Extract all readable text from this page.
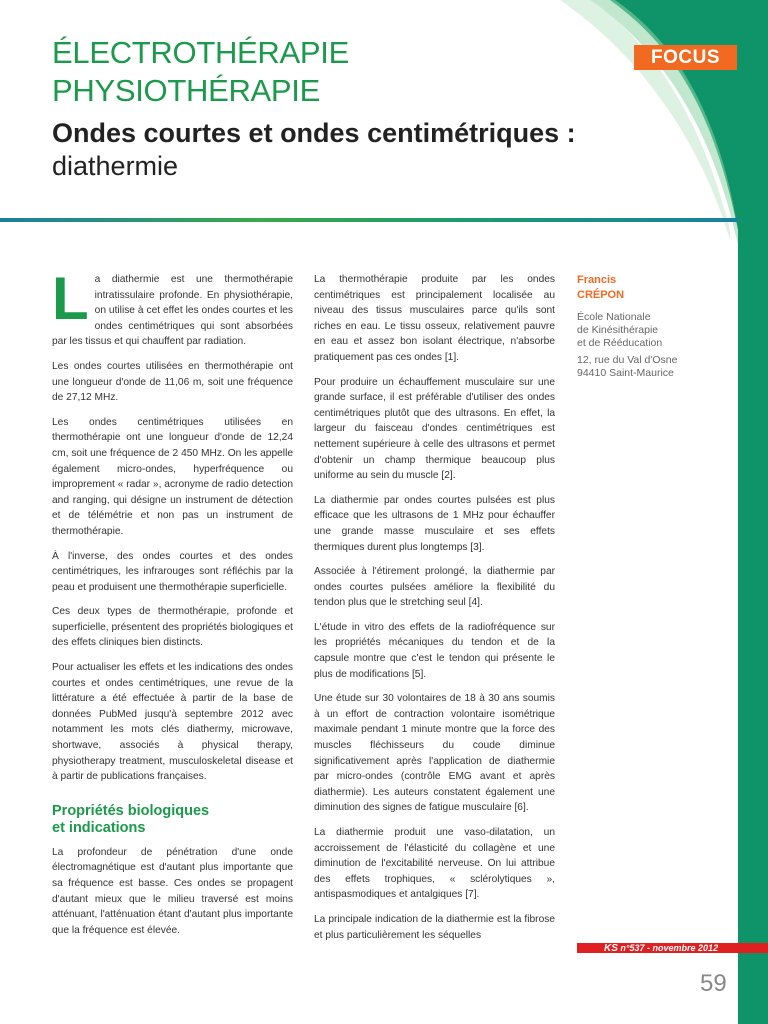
FOCUS
ÉLECTROTHÉRAPIE
PHYSIOTHÉRAPIE
Ondes courtes et ondes centimétriques :
diathermie

L a diathermie est une thermothérapie intratissulaire profonde. En physiothérapie, on utilise à cet effet les ondes courtes et les ondes centimétriques qui sont absorbées par les tissus et qui chauffent par radiation.

Les ondes courtes utilisées en thermothérapie ont une longueur d'onde de 11,06 m, soit une fréquence de 27,12 MHz.

Les ondes centimétriques utilisées en thermothérapie ont une longueur d'onde de 12,24 cm, soit une fréquence de 2 450 MHz. On les appelle également micro-ondes, hyperfréquence ou improprement « radar », acronyme de radio detection and ranging, qui désigne un instrument de détection et de télémétrie et non pas un instrument de thermothérapie.

À l'inverse, des ondes courtes et des ondes centimétriques, les infrarouges sont réfléchis par la peau et produisent une thermothérapie superficielle.

Ces deux types de thermothérapie, profonde et superficielle, présentent des propriétés biologiques et des effets cliniques bien distincts.

Pour actualiser les effets et les indications des ondes courtes et ondes centimétriques, une revue de la littérature a été effectuée à partir de la base de données PubMed jusqu'à septembre 2012 avec notamment les mots clés diathermy, microwave, shortwave, associés à physical therapy, physiotherapy treatment, musculoskeletal disease et à partir de publications françaises.

Propriétés biologiques
et indications

La profondeur de pénétration d'une onde électromagnétique est d'autant plus importante que sa fréquence est basse. Ces ondes se propagent d'autant mieux que le milieu traversé est moins atténuant, l'atténuation étant d'autant plus importante que la fréquence est élevée.

La thermothérapie produite par les ondes centimétriques est principalement localisée au niveau des tissus musculaires parce qu'ils sont riches en eau. Le tissu osseux, relativement pauvre en eau et assez bon isolant électrique, n'absorbe pratiquement pas ces ondes [1].

Pour produire un échauffement musculaire sur une grande surface, il est préférable d'utiliser des ondes centimétriques plutôt que des ultrasons. En effet, la largeur du faisceau d'ondes centimétriques est nettement supérieure à celle des ultrasons et permet d'obtenir un champ thermique beaucoup plus uniforme au sein du muscle [2].

La diathermie par ondes courtes pulsées est plus efficace que les ultrasons de 1 MHz pour échauffer une grande masse musculaire et ses effets thermiques durent plus longtemps [3].

Associée à l'étirement prolongé, la diathermie par ondes courtes pulsées améliore la flexibilité du tendon plus que le stretching seul [4].

L'étude in vitro des effets de la radiofréquence sur les propriétés mécaniques du tendon et de la capsule montre que c'est le tendon qui présente le plus de modifications [5].

Une étude sur 30 volontaires de 18 à 30 ans soumis à un effort de contraction volontaire isométrique maximale pendant 1 minute montre que la force des muscles fléchisseurs du coude diminue significativement après l'application de diathermie par micro-ondes (contrôle EMG avant et après diathermie). Les auteurs constatent également une diminution des signes de fatigue musculaire [6].

La diathermie produit une vaso-dilatation, un accroissement de l'élasticité du collagène et une diminution de l'excitabilité nerveuse. On lui attribue des effets trophiques, « sclérolytiques », antispasmodiques et antalgiques [7].

La principale indication de la diathermie est la fibrose et plus particulièrement les séquelles

Francis
CRÉPON
École Nationale
de Kinésithérapie
et de Rééducation
12, rue du Val d'Osne
94410 Saint-Maurice
KS n°537 - novembre 2012
59
